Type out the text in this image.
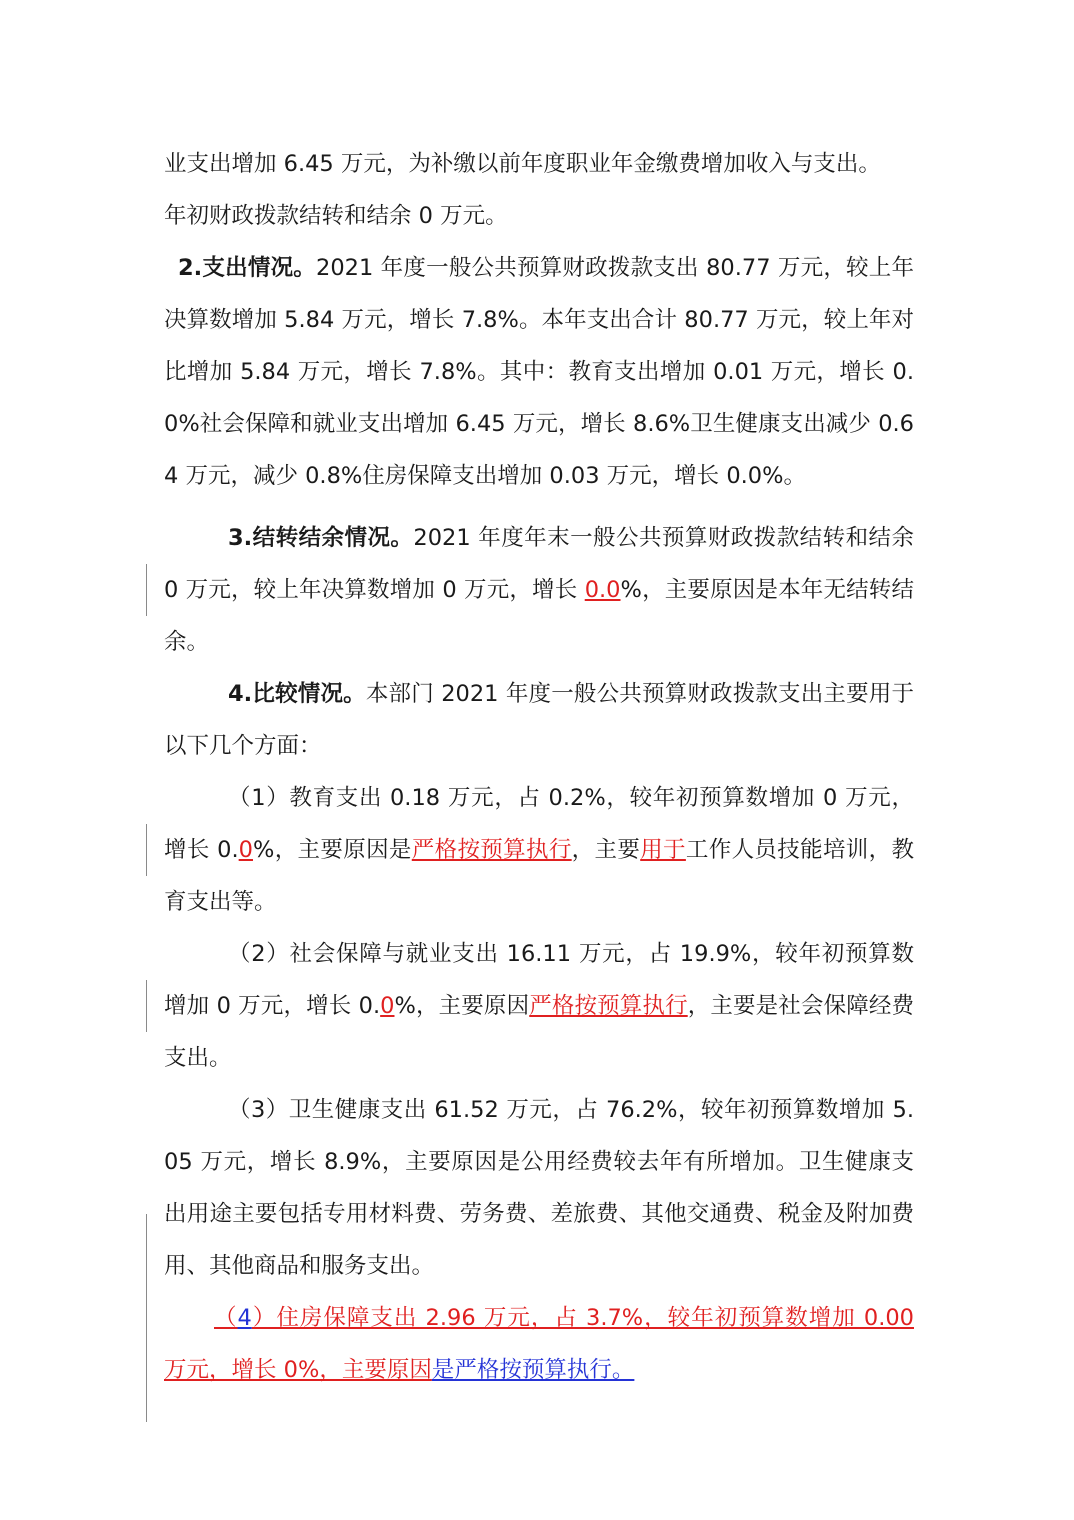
业支出增加 6.45 万元，为补缴以前年度职业年金缴费增加收入与支出。
年初财政拨款结转和结余 0 万元。

2.支出情况。2021 年度一般公共预算财政拨款支出 80.77 万元，较上年决算数增加 5.84 万元，增长 7.8%。本年支出合计 80.77 万元，较上年对比增加 5.84 万元，增长 7.8%。其中：教育支出增加 0.01 万元，增长 0.0%社会保障和就业支出增加 6.45 万元，增长 8.6%卫生健康支出减少 0.64 万元，减少 0.8%住房保障支出增加 0.03 万元，增长 0.0%。

3.结转结余情况。2021 年度年末一般公共预算财政拨款结转和结余 0 万元，较上年决算数增加 0 万元，增长 0.0%，主要原因是本年无结转结余。

4.比较情况。本部门 2021 年度一般公共预算财政拨款支出主要用于以下几个方面：

（1）教育支出 0.18 万元，占 0.2%，较年初预算数增加 0 万元，增长 0.0%，主要原因是严格按预算执行，主要用于工作人员技能培训，教育支出等。

（2）社会保障与就业支出 16.11 万元，占 19.9%，较年初预算数增加 0 万元，增长 0.0%，主要原因严格按预算执行，主要是社会保障经费支出。

（3）卫生健康支出 61.52 万元，占 76.2%，较年初预算数增加 5.05 万元，增长 8.9%，主要原因是公用经费较去年有所增加。卫生健康支出用途主要包括专用材料费、劳务费、差旅费、其他交通费、税金及附加费用、其他商品和服务支出。

（4）住房保障支出 2.96 万元，占 3.7%，较年初预算数增加 0.00 万元，增长 0%，主要原因是严格按预算执行。
